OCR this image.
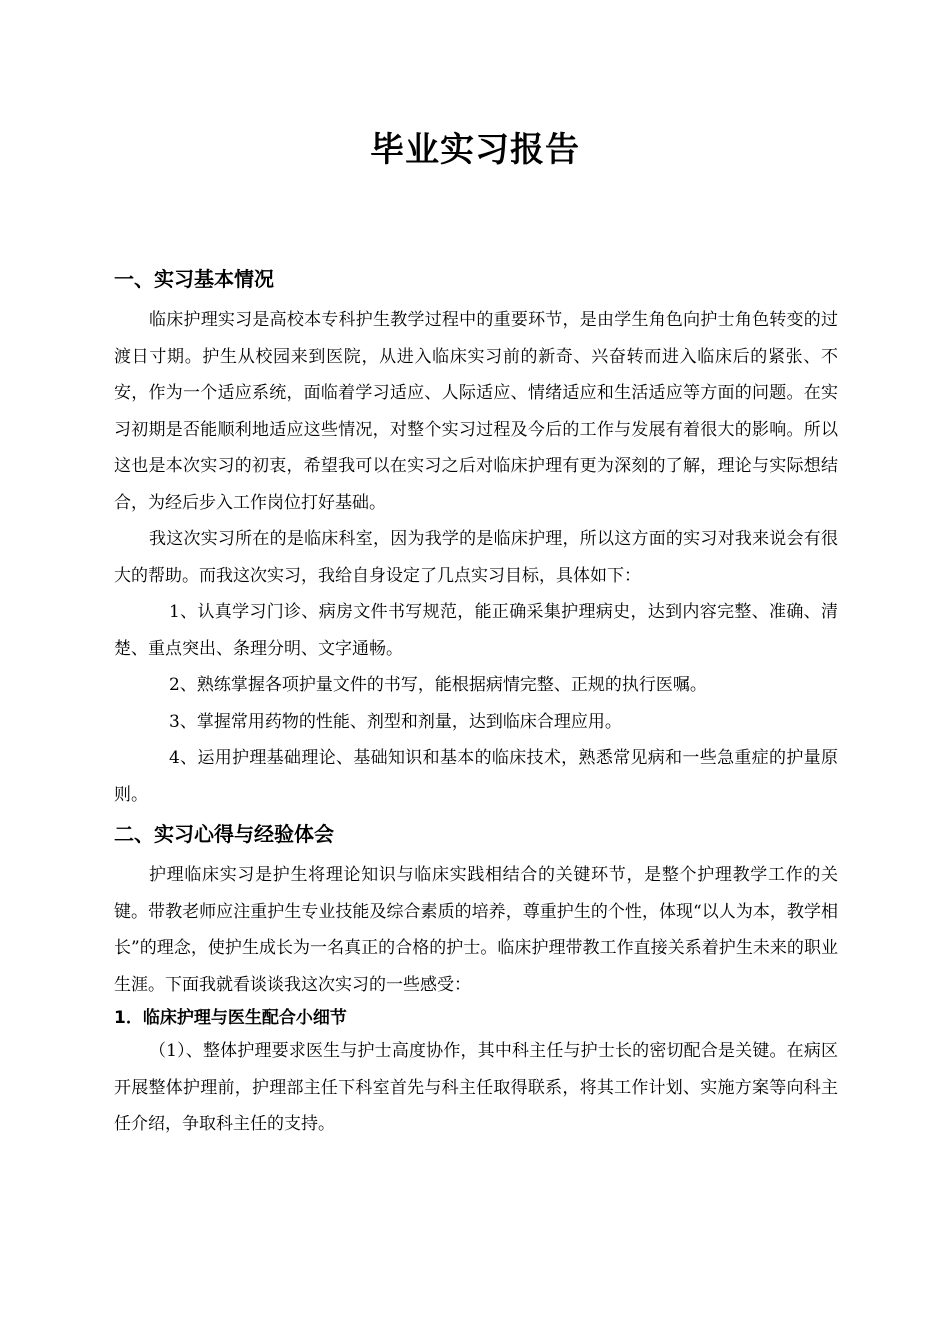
毕业实习报告
一、实习基本情况

临床护理实习是高校本专科护生教学过程中的重要环节，是由学生角色向护士角色转变的过渡日寸期。护生从校园来到医院，从进入临床实习前的新奇、兴奋转而进入临床后的紧张、不安，作为一个适应系统，面临着学习适应、人际适应、情绪适应和生活适应等方面的问题。在实习初期是否能顺利地适应这些情况，对整个实习过程及今后的工作与发展有着很大的影响。所以这也是本次实习的初衷，希望我可以在实习之后对临床护理有更为深刻的了解，理论与实际想结合，为经后步入工作岗位打好基础。

我这次实习所在的是临床科室，因为我学的是临床护理，所以这方面的实习对我来说会有很大的帮助。而我这次实习，我给自身设定了几点实习目标，具体如下：

1、认真学习门诊、病房文件书写规范，能正确采集护理病史，达到内容完整、准确、清楚、重点突出、条理分明、文字通畅。

2、熟练掌握各项护量文件的书写，能根据病情完整、正规的执行医嘱。

3、掌握常用药物的性能、剂型和剂量，达到临床合理应用。

4、运用护理基础理论、基础知识和基本的临床技术，熟悉常见病和一些急重症的护量原则。

二、实习心得与经验体会

护理临床实习是护生将理论知识与临床实践相结合的关键环节，是整个护理教学工作的关键。带教老师应注重护生专业技能及综合素质的培养，尊重护生的个性，体现“以人为本，教学相长”的理念，使护生成长为一名真正的合格的护士。临床护理带教工作直接关系着护生未来的职业生涯。下面我就看谈谈我这次实习的一些感受：

1．临床护理与医生配合小细节

（1）、整体护理要求医生与护士高度协作，其中科主任与护士长的密切配合是关键。在病区开展整体护理前，护理部主任下科室首先与科主任取得联系，将其工作计划、实施方案等向科主任介绍，争取科主任的支持。
